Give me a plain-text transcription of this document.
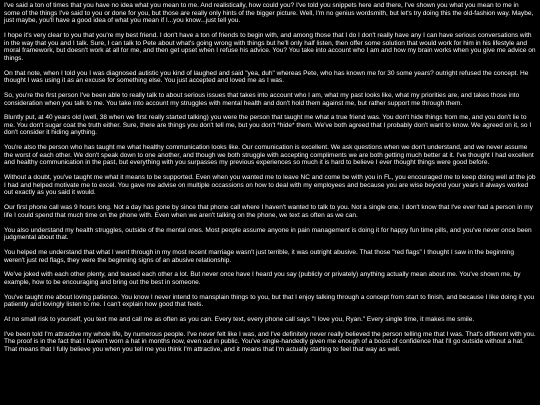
I've said a ton of times that you have no idea what you mean to me. And realistically, how could you? I've told you snippets here and there, I've shown you what you mean to me in some of the things I've said to you or done for you, but those are really only hints of the bigger picture. Well, I'm no genius wordsmith, but let's try doing this the old-fashion way. Maybe, just maybe, you'll have a good idea of what you mean if I...you know...just tell you.

I hope it's very clear to you that you're my best friend. I don't have a ton of friends to begin with, and among those that I do I don't really have any I can have serious conversations with in the way that you and I talk. Sure, I can talk to Pete about what's going wrong with things but he'll only half listen, then offer some solution that would work for him in his lifestyle and moral framework, but doesn't work at all for me, and then get upset when I refuse his advice. You? You take into account who I am and how my brain works when you give me advice on things.

On that note, when I told you I was diagnosed autistic you kind of laughed and said "yea, duh" whereas Pete, who has known me for 30 some years? outright refused the concept. He thought I was using it as an excuse for something else. You just accepted and loved me as I was.

So, you're the first person I've been able to really talk to about serious issues that takes into account who I am, what my past looks like, what my priorities are, and takes those into consideration when you talk to me. You take into account my struggles with mental health and don't hold them against me, but rather support me through them.

Bluntly put, at 40 years old (well, 38 when we first really started talking) you were the person that taught me what a true friend was. You don't hide things from me, and you don't lie to me. You don't sugar coat the truth either. Sure, there are things you don't tell me, but you don't *hide* them. We've both agreed that I probably don't want to know. We agreed on it, so I don't consider it hiding anything.

You're also the person who has taught me what healthy communication looks like. Our comunication is excellent. We ask questions when we don't understand, and we never assume the worst of each other. We don't speak down to one another, and though we both struggle with accepting compliments we are both getting much better at it. I've thought I had excellent and healthy communication in the past, but everything with you surpasses my previous experiences so much it is hard to believe I ever thought things were good before.

Without a doubt, you've taught me what it means to be supported. Even when you wanted me to leave NC and come be with you in FL, you encouraged me to keep doing well at the job I had and helped motivate me to excel. You gave me advise on multiple occassions on how to deal with my employees and because you are wise beyond your years it always worked out exactly as you said it would.

Our first phone call was 9 hours long. Not a day has gone by since that phone call where I haven't wanted to talk to you. Not a single one. I don't know that I've ever had a person in my life I could spend that much time on the phone with. Even when we aren't talking on the phone, we text as often as we can.

You also understand my health struggles, outside of the mental ones. Most people assume anyone in pain management is doing it for happy fun time pills, and you've never once been judgmental about that.

You helped me understand that what I went through in my most recent marriage wasn't just terrible, it was outright abusive. That those "red flags" I thought I saw in the beginning weren't just red flags, they were the beginning signs of an abusive relationship.

We've joked with each other plenty, and teased each other a lot. But never once have I heard you say (publicly or privately) anything actually mean about me. You've shown me, by example, how to be encouraging and bring out the best in someone.

You've taught me about loving patience. You know I never intend to mansplain things to you, but that I enjoy talking through a concept from start to finish, and because I like doing it you patiently and lovingly listen to me. I can't explain how good that feels.

At no small risk to yourself, you text me and call me as often as you can. Every text, every phone call says "I love you, Ryan." Every single time, it makes me smile.

I've been told I'm attractive my whole life, by numerous people. I've never felt like I was, and I've definitely never really believed the person telling me that I was. That's different with you. The proof is in the fact that I haven't worn a hat in months now, even out in public. You've single-handedly given me enough of a boost of confidence that I'll go outside without a hat. That means that I fully believe you when you tell me you think I'm attractive, and it means that I'm actually starting to feel that way as well.
